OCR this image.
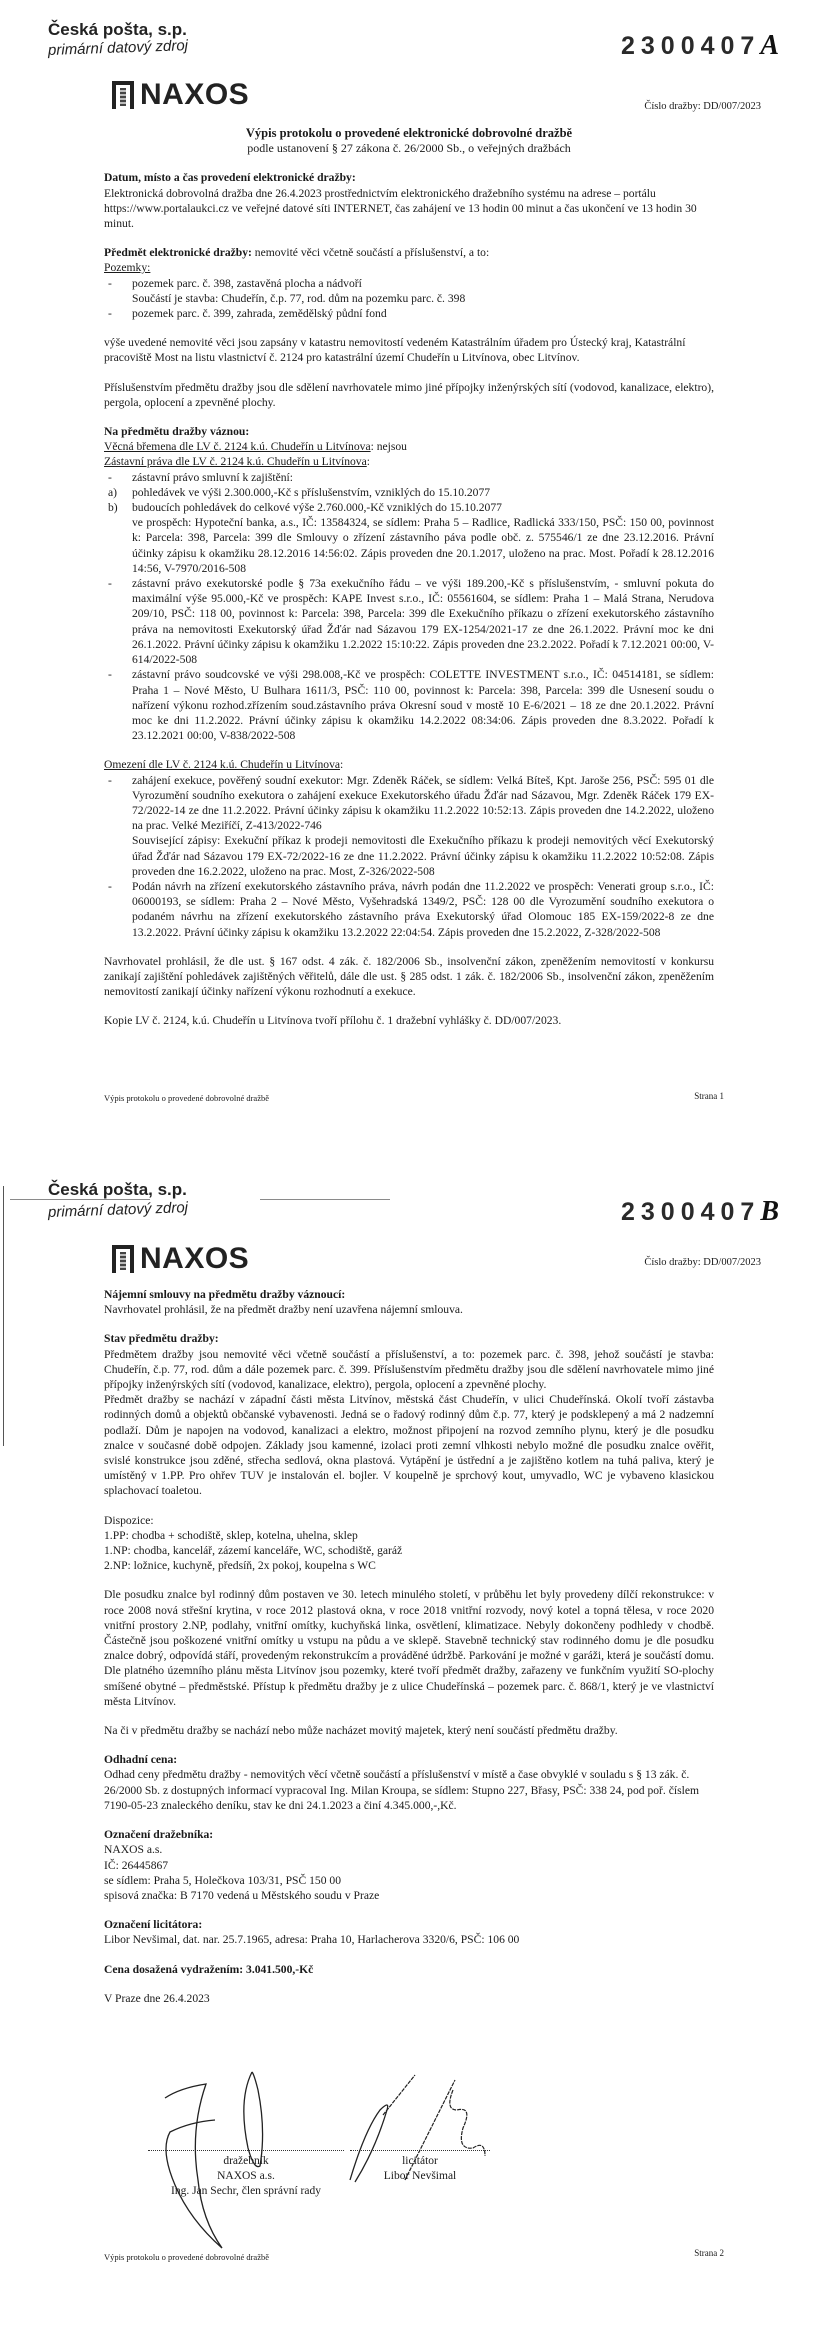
Česká pošta, s.p.
primární datový zdroj	2300407A
NAXOS	Číslo dražby: DD/007/2023

Výpis protokolu o provedené elektronické dobrovolné dražbě

podle ustanovení § 27 zákona č. 26/2000 Sb., o veřejných dražbách

Datum, místo a čas provedení elektronické dražby:

Elektronická dobrovolná dražba dne 26.4.2023 prostřednictvím elektronického dražebního systému na adrese – portálu https://www.portalaukci.cz ve veřejné datové síti INTERNET, čas zahájení ve 13 hodin 00 minut a čas ukončení ve 13 hodin 30 minut.

Předmět elektronické dražby: nemovité věci včetně součástí a příslušenství, a to:

Pozemky:

- pozemek parc. č. 398, zastavěná plocha a nádvoří

Součástí je stavba: Chudeřín, č.p. 77, rod. dům na pozemku parc. č. 398

- pozemek parc. č. 399, zahrada, zemědělský půdní fond

výše uvedené nemovité věci jsou zapsány v katastru nemovitostí vedeném Katastrálním úřadem pro Ústecký kraj, Katastrální pracoviště Most na listu vlastnictví č. 2124 pro katastrální území Chudeřín u Litvínova, obec Litvínov.

Příslušenstvím předmětu dražby jsou dle sdělení navrhovatele mimo jiné přípojky inženýrských sítí (vodovod, kanalizace, elektro), pergola, oplocení a zpevněné plochy.

Na předmětu dražby váznou:

Věcná břemena dle LV č. 2124 k.ú. Chudeřín u Litvínova: nejsou

Zástavní práva dle LV č. 2124 k.ú. Chudeřín u Litvínova:

- zástavní právo smluvní k zajištění:

a) pohledávek ve výši 2.300.000,-Kč s příslušenstvím, vzniklých do 15.10.2077

b) budoucích pohledávek do celkové výše 2.760.000,-Kč vzniklých do 15.10.2077

ve prospěch: Hypoteční banka, a.s., IČ: 13584324, se sídlem: Praha 5 – Radlice, Radlická 333/150, PSČ: 150 00, povinnost k: Parcela: 398, Parcela: 399 dle Smlouvy o zřízení zástavního páva podle obč. z. 575546/1 ze dne 23.12.2016. Právní účinky zápisu k okamžiku 28.12.2016 14:56:02. Zápis proveden dne 20.1.2017, uloženo na prac. Most. Pořadí k 28.12.2016 14:56, V-7970/2016-508

- zástavní právo exekutorské podle § 73a exekučního řádu – ve výši 189.200,-Kč s příslušenstvím, - smluvní pokuta do maximální výše 95.000,-Kč ve prospěch: KAPE Invest s.r.o., IČ: 05561604, se sídlem: Praha 1 – Malá Strana, Nerudova 209/10, PSČ: 118 00, povinnost k: Parcela: 398, Parcela: 399 dle Exekučního příkazu o zřízení exekutorského zástavního práva na nemovitosti Exekutorský úřad Žďár nad Sázavou 179 EX-1254/2021-17 ze dne 26.1.2022. Právní moc ke dni 26.1.2022. Právní účinky zápisu k okamžiku 1.2.2022 15:10:22. Zápis proveden dne 23.2.2022. Pořadí k 7.12.2021 00:00, V-614/2022-508

- zástavní právo soudcovské ve výši 298.008,-Kč ve prospěch: COLETTE INVESTMENT s.r.o., IČ: 04514181, se sídlem: Praha 1 – Nové Město, U Bulhara 1611/3, PSČ: 110 00, povinnost k: Parcela: 398, Parcela: 399 dle Usnesení soudu o nařízení výkonu rozhod.zřízením soud.zástavního práva Okresní soud v mostě 10 E-6/2021 – 18 ze dne 20.1.2022. Právní moc ke dni 11.2.2022. Právní účinky zápisu k okamžiku 14.2.2022 08:34:06. Zápis proveden dne 8.3.2022. Pořadí k 23.12.2021 00:00, V-838/2022-508

Omezení dle LV č. 2124 k.ú. Chudeřín u Litvínova:

- zahájení exekuce, pověřený soudní exekutor: Mgr. Zdeněk Ráček, se sídlem: Velká Bíteš, Kpt. Jaroše 256, PSČ: 595 01 dle Vyrozumění soudního exekutora o zahájení exekuce Exekutorského úřadu Žďár nad Sázavou, Mgr. Zdeněk Ráček 179 EX-72/2022-14 ze dne 11.2.2022. Právní účinky zápisu k okamžiku 11.2.2022 10:52:13. Zápis proveden dne 14.2.2022, uloženo na prac. Velké Meziříčí, Z-413/2022-746

Související zápisy: Exekuční příkaz k prodeji nemovitosti dle Exekučního příkazu k prodeji nemovitých věcí Exekutorský úřad Žďár nad Sázavou 179 EX-72/2022-16 ze dne 11.2.2022. Právní účinky zápisu k okamžiku 11.2.2022 10:52:08. Zápis proveden dne 16.2.2022, uloženo na prac. Most, Z-326/2022-508

- Podán návrh na zřízení exekutorského zástavního práva, návrh podán dne 11.2.2022 ve prospěch: Venerati group s.r.o., IČ: 06000193, se sídlem: Praha 2 – Nové Město, Vyšehradská 1349/2, PSČ: 128 00 dle Vyrozumění soudního exekutora o podaném návrhu na zřízení exekutorského zástavního práva Exekutorský úřad Olomouc 185 EX-159/2022-8 ze dne 13.2.2022. Právní účinky zápisu k okamžiku 13.2.2022 22:04:54. Zápis proveden dne 15.2.2022, Z-328/2022-508

Navrhovatel prohlásil, že dle ust. § 167 odst. 4 zák. č. 182/2006 Sb., insolvenční zákon, zpeněžením nemovitostí v konkursu zanikají zajištění pohledávek zajištěných věřitelů, dále dle ust. § 285 odst. 1 zák. č. 182/2006 Sb., insolvenční zákon, zpeněžením nemovitostí zanikají účinky nařízení výkonu rozhodnutí a exekuce.

Kopie LV č. 2124, k.ú. Chudeřín u Litvínova tvoří přílohu č. 1 dražební vyhlášky č. DD/007/2023.

Výpis protokolu o provedené dobrovolné dražbě	Strana 1
Česká pošta, s.p.
primární datový zdroj	2300407B
NAXOS	Číslo dražby: DD/007/2023

Nájemní smlouvy na předmětu dražby váznoucí:

Navrhovatel prohlásil, že na předmět dražby není uzavřena nájemní smlouva.

Stav předmětu dražby:

Předmětem dražby jsou nemovité věci včetně součástí a příslušenství, a to: pozemek parc. č. 398, jehož součástí je stavba: Chudeřín, č.p. 77, rod. dům a dále pozemek parc. č. 399. Příslušenstvím předmětu dražby jsou dle sdělení navrhovatele mimo jiné přípojky inženýrských sítí (vodovod, kanalizace, elektro), pergola, oplocení a zpevněné plochy.

Předmět dražby se nachází v západní části města Litvínov, městská část Chudeřín, v ulici Chudeřínská. Okolí tvoří zástavba rodinných domů a objektů občanské vybavenosti. Jedná se o řadový rodinný dům č.p. 77, který je podsklepený a má 2 nadzemní podlaží. Dům je napojen na vodovod, kanalizaci a elektro, možnost připojení na rozvod zemního plynu, který je dle posudku znalce v současné době odpojen. Základy jsou kamenné, izolaci proti zemní vlhkosti nebylo možné dle posudku znalce ověřit, svislé konstrukce jsou zděné, střecha sedlová, okna plastová. Vytápění je ústřední a je zajištěno kotlem na tuhá paliva, který je umístěný v 1.PP. Pro ohřev TUV je instalován el. bojler. V koupelně je sprchový kout, umyvadlo, WC je vybaveno klasickou splachovací toaletou.

Dispozice:

1.PP: chodba + schodiště, sklep, kotelna, uhelna, sklep

1.NP: chodba, kancelář, zázemí kanceláře, WC, schodiště, garáž

2.NP: ložnice, kuchyně, předsíň, 2x pokoj, koupelna s WC

Dle posudku znalce byl rodinný dům postaven ve 30. letech minulého století, v průběhu let byly provedeny dílčí rekonstrukce: v roce 2008 nová střešní krytina, v roce 2012 plastová okna, v roce 2018 vnitřní rozvody, nový kotel a topná tělesa, v roce 2020 vnitřní prostory 2.NP, podlahy, vnitřní omítky, kuchyňská linka, osvětlení, klimatizace. Nebyly dokončeny podhledy v chodbě. Částečně jsou poškozené vnitřní omítky u vstupu na půdu a ve sklepě. Stavebně technický stav rodinného domu je dle posudku znalce dobrý, odpovídá stáří, provedeným rekonstrukcím a prováděné údržbě. Parkování je možné v garáži, která je součástí domu. Dle platného územního plánu města Litvínov jsou pozemky, které tvoří předmět dražby, zařazeny ve funkčním využití SO-plochy smíšené obytné – předměstské. Přístup k předmětu dražby je z ulice Chudeřínská – pozemek parc. č. 868/1, který je ve vlastnictví města Litvínov.

Na či v předmětu dražby se nachází nebo může nacházet movitý majetek, který není součástí předmětu dražby.

Odhadní cena:

Odhad ceny předmětu dražby - nemovitých věcí včetně součástí a příslušenství v místě a čase obvyklé v souladu s § 13 zák. č. 26/2000 Sb. z dostupných informací vypracoval Ing. Milan Kroupa, se sídlem: Stupno 227, Břasy, PSČ: 338 24, pod poř. číslem 7190-05-23 znaleckého deníku, stav ke dni 24.1.2023 a činí 4.345.000,-,Kč.

Označení dražebníka:

NAXOS a.s.

IČ: 26445867

se sídlem: Praha 5, Holečkova 103/31, PSČ 150 00

spisová značka: B 7170 vedená u Městského soudu v Praze

Označení licitátora:

Libor Nevšimal, dat. nar. 25.7.1965, adresa: Praha 10, Harlacherova 3320/6, PSČ: 106 00

Cena dosažená vydražením: 3.041.500,-Kč

V Praze dne 26.4.2023

dražebník
NAXOS a.s.
Ing. Jan Sechr, člen správní rady
licitátor
Libor Nevšimal
Výpis protokolu o provedené dobrovolné dražbě	Strana 2
